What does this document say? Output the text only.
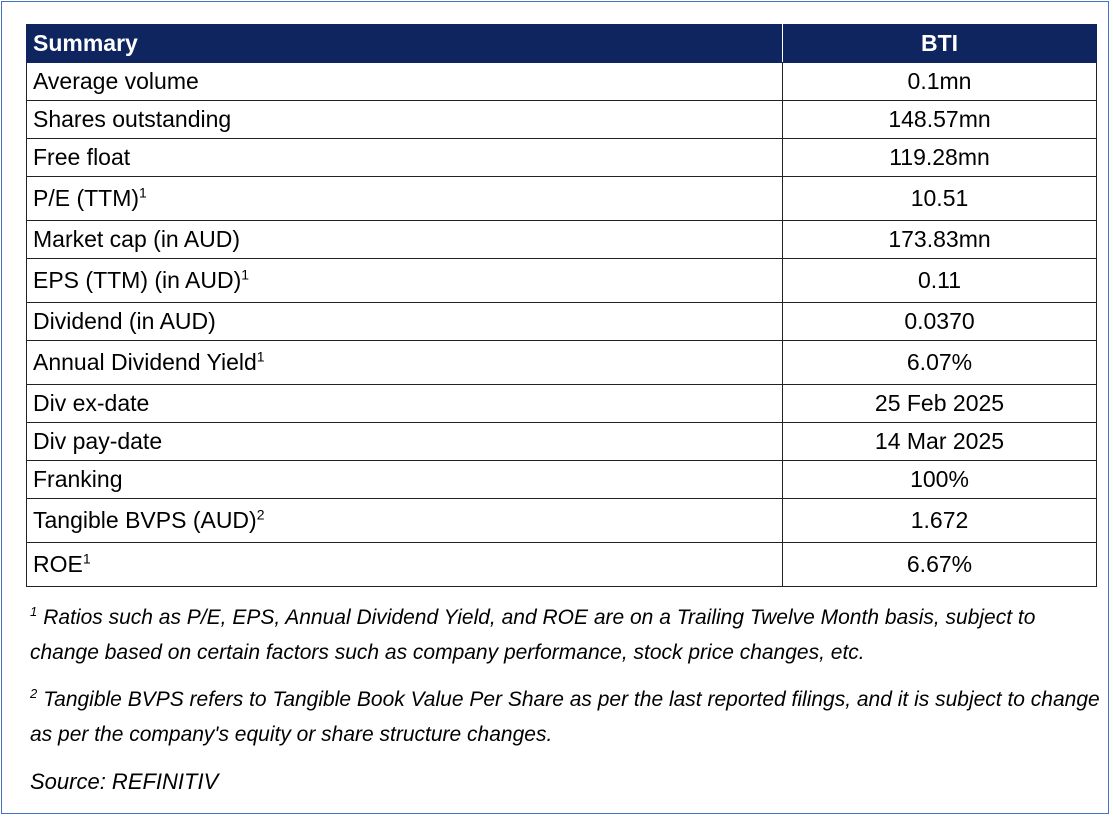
Summary	BTI
Average volume	0.1mn
Shares outstanding	148.57mn
Free float	119.28mn
P/E (TTM)$^1$	10.51
Market cap (in AUD)	173.83mn
EPS (TTM) (in AUD)$^1$	0.11
Dividend (in AUD)	0.0370
Annual Dividend Yield$^1$	6.07%
Div ex-date	25 Feb 2025
Div pay-date	14 Mar 2025
Franking	100%
Tangible BVPS (AUD)$^2$	1.672
ROE$^1$	6.67%

$^1$ Ratios such as P/E, EPS, Annual Dividend Yield, and ROE are on a Trailing Twelve Month basis, subject to change based on certain factors such as company performance, stock price changes, etc.

$^2$ Tangible BVPS refers to Tangible Book Value Per Share as per the last reported filings, and it is subject to change as per the company's equity or share structure changes.

Source: REFINITIV
